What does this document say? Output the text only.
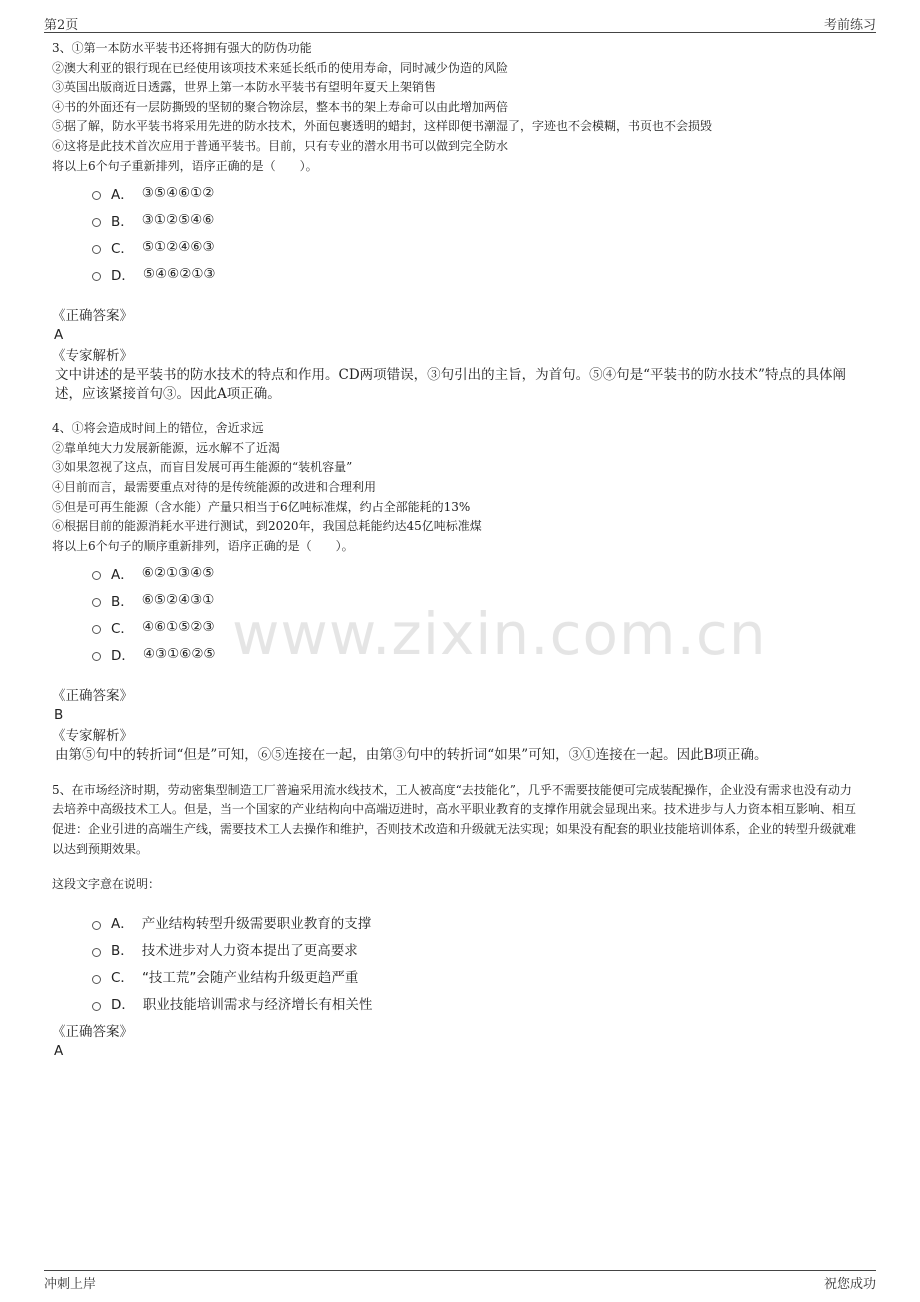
第2页	考前练习
www.zixin.com.cn
3、①第一本防水平装书还将拥有强大的防伪功能
②澳大利亚的银行现在已经使用该项技术来延长纸币的使用寿命，同时减少伪造的风险
③英国出版商近日透露，世界上第一本防水平装书有望明年夏天上架销售
④书的外面还有一层防撕毁的坚韧的聚合物涂层，整本书的架上寿命可以由此增加两倍
⑤据了解，防水平装书将采用先进的防水技术，外面包裹透明的蜡封，这样即便书潮湿了，字迹也不会模糊，书页也不会损毁
⑥这将是此技术首次应用于普通平装书。目前，只有专业的潜水用书可以做到完全防水
将以上6个句子重新排列，语序正确的是（　　）。
A． ③⑤④⑥①②
B． ③①②⑤④⑥
C． ⑤①②④⑥③
D． ⑤④⑥②①③
《正确答案》
A
《专家解析》
文中讲述的是平装书的防水技术的特点和作用。CD两项错误，③句引出的主旨，为首句。⑤④句是“平装书的防水技术”特点的具体阐述，应该紧接首句③。因此A项正确。
4、①将会造成时间上的错位，舍近求远
②靠单纯大力发展新能源，远水解不了近渴
③如果忽视了这点，而盲目发展可再生能源的“装机容量”
④目前而言，最需要重点对待的是传统能源的改进和合理利用
⑤但是可再生能源（含水能）产量只相当于6亿吨标准煤，约占全部能耗的13%
⑥根据目前的能源消耗水平进行测试，到2020年，我国总耗能约达45亿吨标准煤
将以上6个句子的顺序重新排列，语序正确的是（　　）。
A． ⑥②①③④⑤
B． ⑥⑤②④③①
C． ④⑥①⑤②③
D． ④③①⑥②⑤
《正确答案》
B
《专家解析》
由第⑤句中的转折词“但是”可知，⑥⑤连接在一起，由第③句中的转折词“如果”可知，③①连接在一起。因此B项正确。
5、在市场经济时期，劳动密集型制造工厂普遍采用流水线技术，工人被高度“去技能化”，几乎不需要技能便可完成装配操作，企业没有需求也没有动力去培养中高级技术工人。但是，当一个国家的产业结构向中高端迈进时，高水平职业教育的支撑作用就会显现出来。技术进步与人力资本相互影响、相互促进：企业引进的高端生产线，需要技术工人去操作和维护，否则技术改造和升级就无法实现；如果没有配套的职业技能培训体系，企业的转型升级就难以达到预期效果。
这段文字意在说明：
A． 产业结构转型升级需要职业教育的支撑
B． 技术进步对人力资本提出了更高要求
C． “技工荒”会随产业结构升级更趋严重
D． 职业技能培训需求与经济增长有相关性
《正确答案》
A
冲刺上岸	祝您成功
